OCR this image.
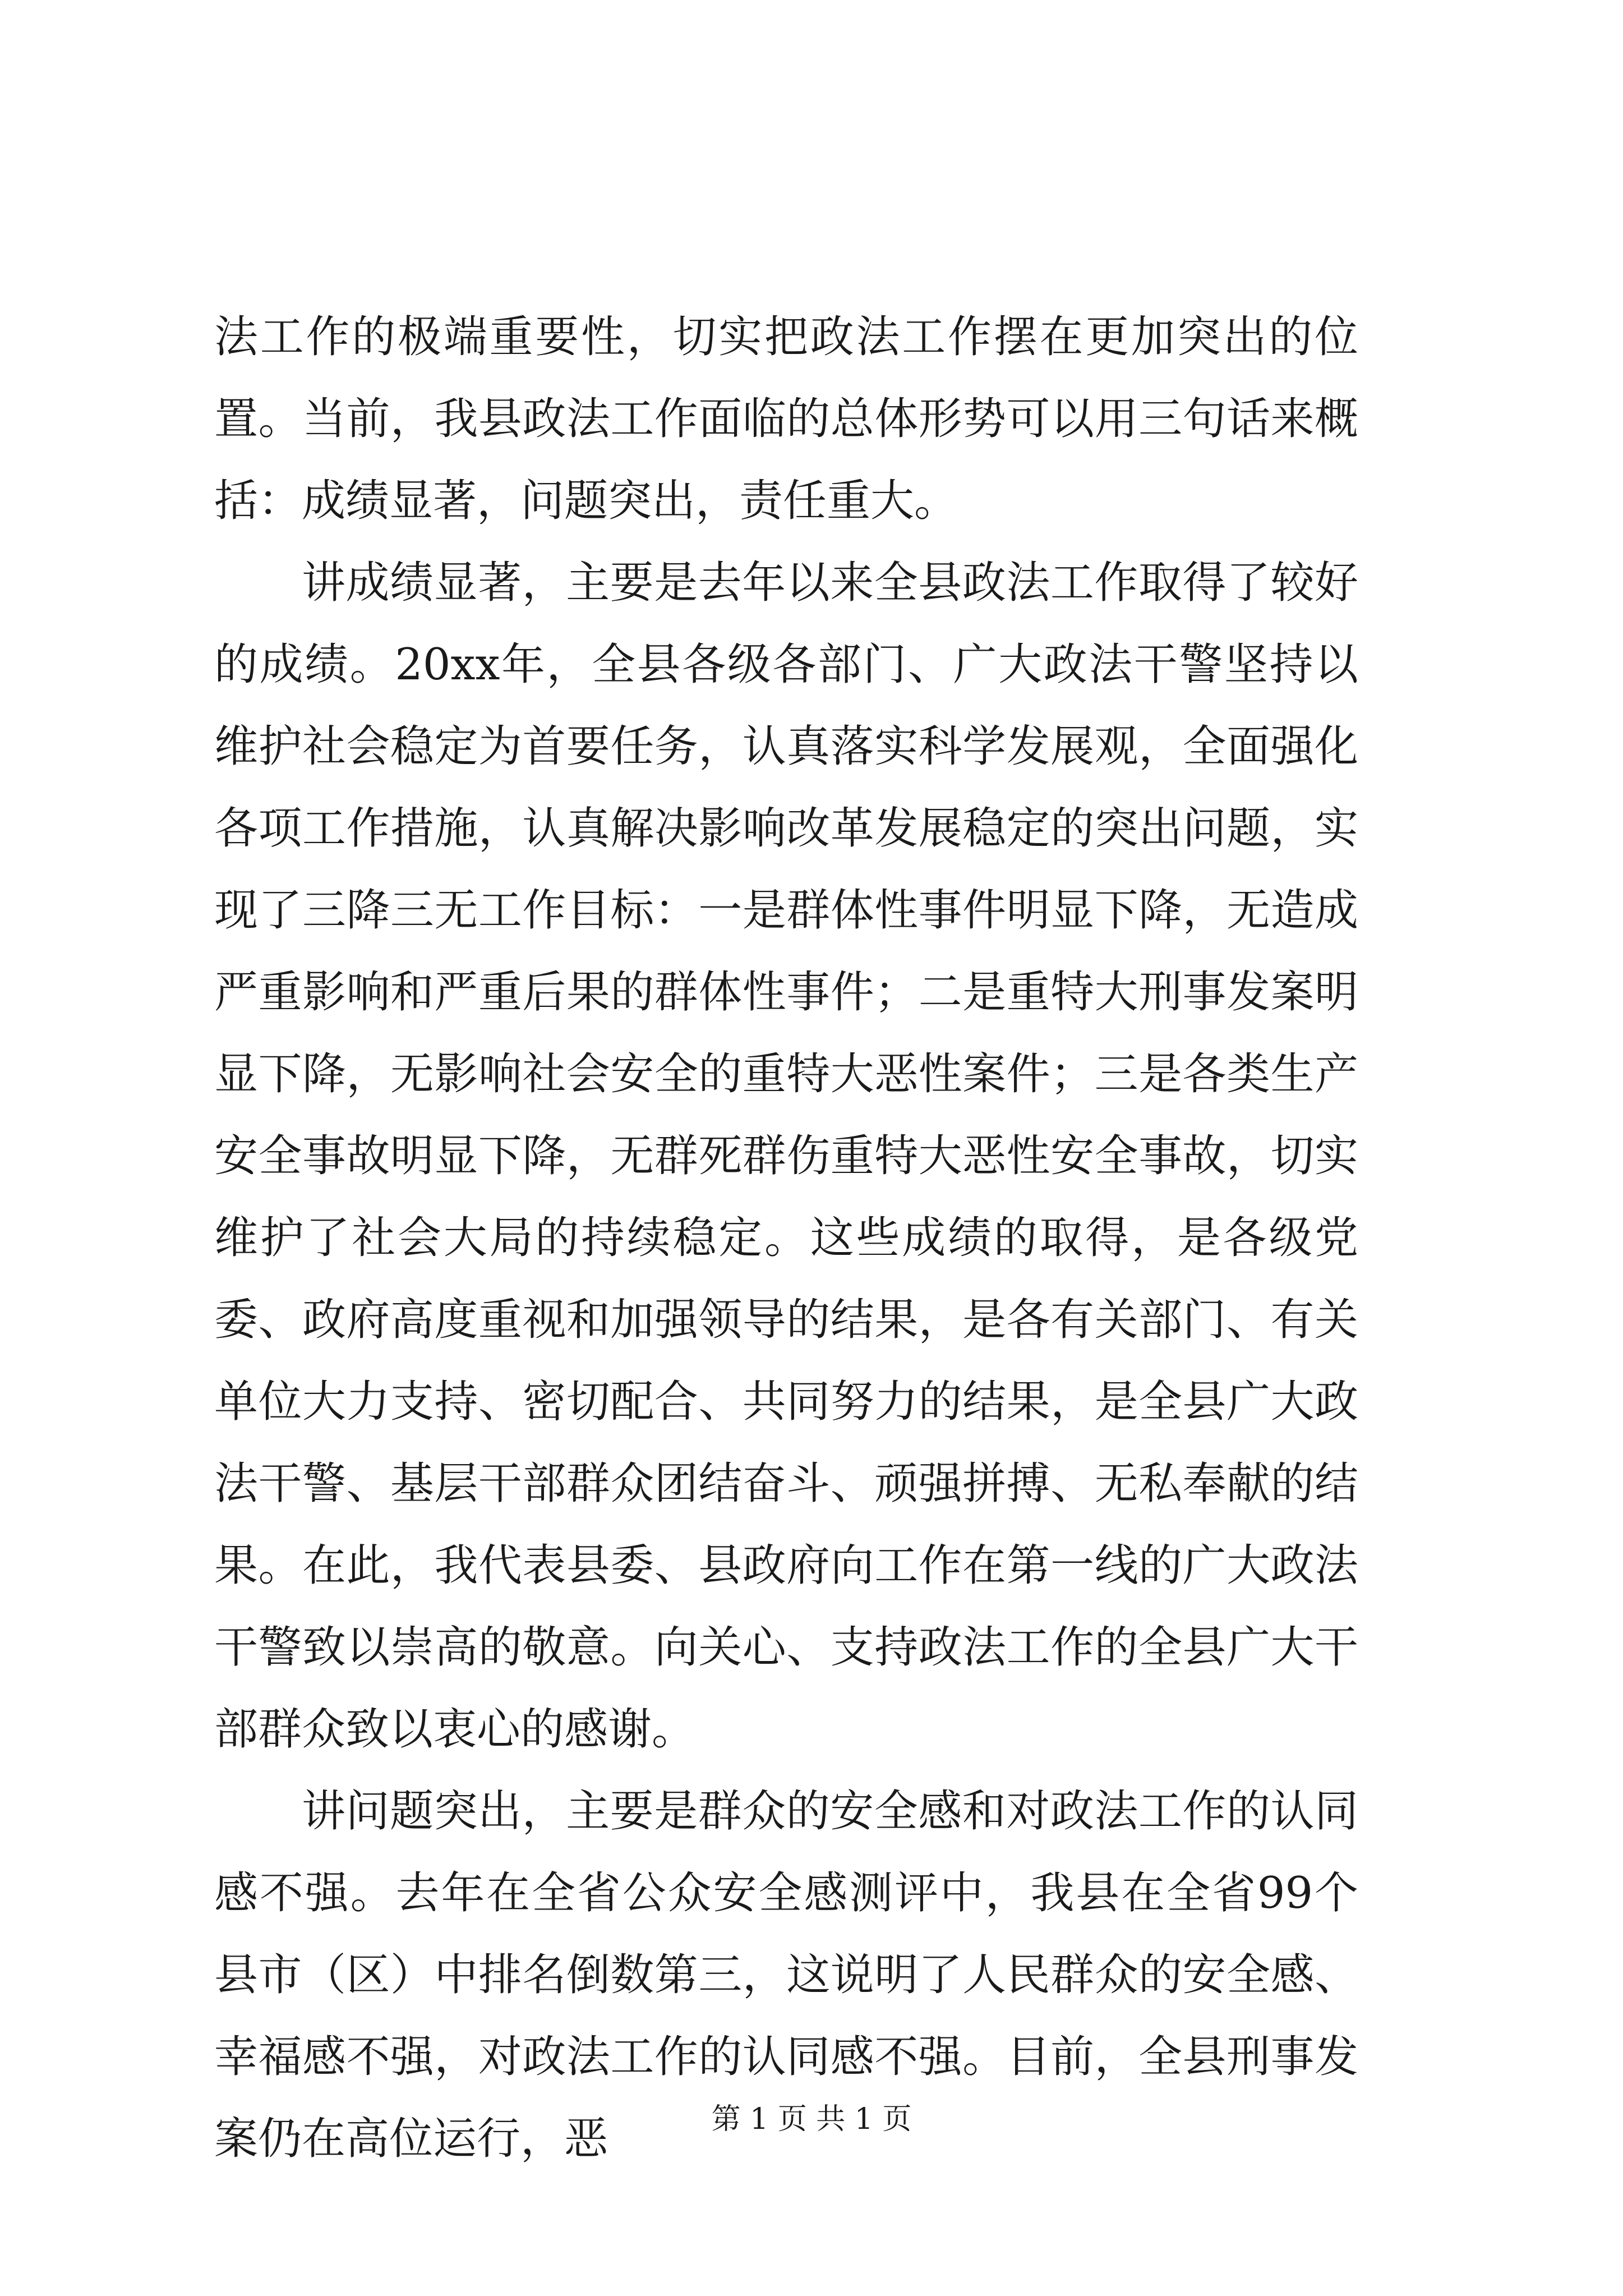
法工作的极端重要性，切实把政法工作摆在更加突出的位置。当前，我县政法工作面临的总体形势可以用三句话来概括：成绩显著，问题突出，责任重大。

讲成绩显著，主要是去年以来全县政法工作取得了较好的成绩。20xx年，全县各级各部门、广大政法干警坚持以维护社会稳定为首要任务，认真落实科学发展观，全面强化各项工作措施，认真解决影响改革发展稳定的突出问题，实现了三降三无工作目标：一是群体性事件明显下降，无造成严重影响和严重后果的群体性事件；二是重特大刑事发案明显下降，无影响社会安全的重特大恶性案件；三是各类生产安全事故明显下降，无群死群伤重特大恶性安全事故，切实维护了社会大局的持续稳定。这些成绩的取得，是各级党委、政府高度重视和加强领导的结果，是各有关部门、有关单位大力支持、密切配合、共同努力的结果，是全县广大政法干警、基层干部群众团结奋斗、顽强拼搏、无私奉献的结果。在此，我代表县委、县政府向工作在第一线的广大政法干警致以崇高的敬意。向关心、支持政法工作的全县广大干部群众致以衷心的感谢。

讲问题突出，主要是群众的安全感和对政法工作的认同感不强。去年在全省公众安全感测评中，我县在全省99个县市（区）中排名倒数第三，这说明了人民群众的安全感、幸福感不强，对政法工作的认同感不强。目前，全县刑事发案仍在高位运行，恶	第 1 页 共 1 页
